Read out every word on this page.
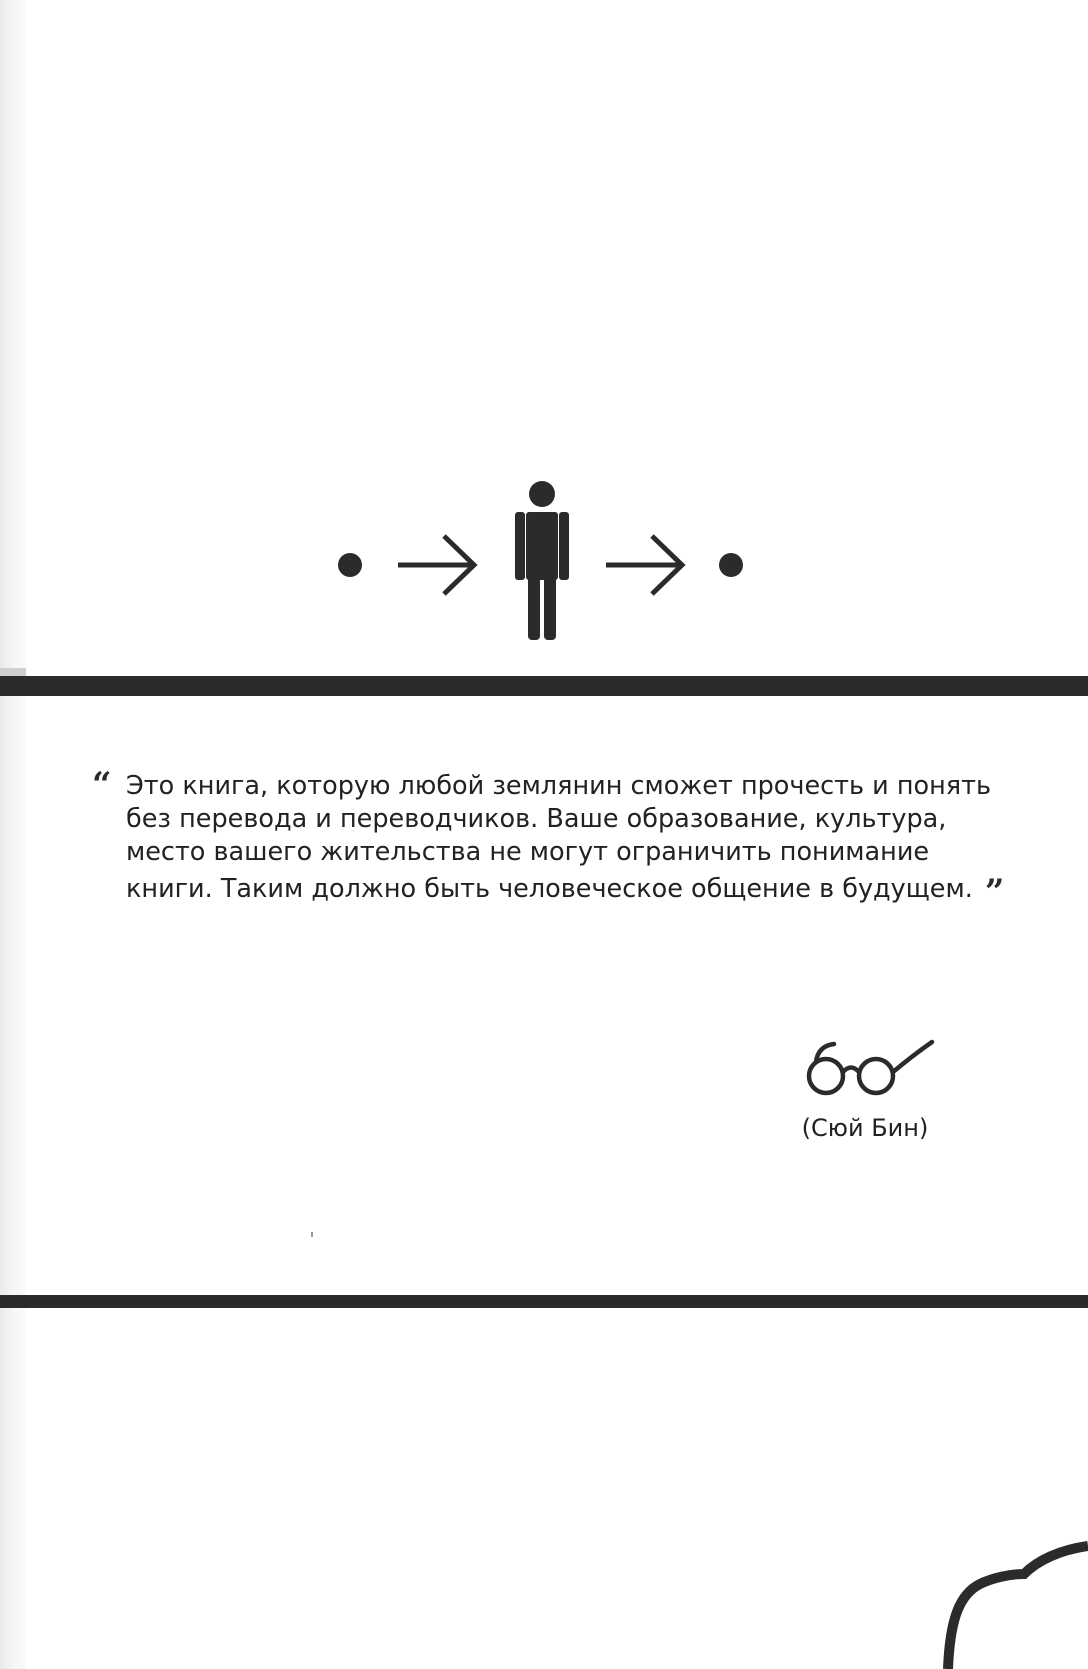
“ Это книга, которую любой землянин сможет прочесть и понять
без перевода и переводчиков. Ваше образование, культура,
место вашего жительства не могут ограничить понимание
книги. Таким должно быть человеческое общение в будущем. ”

(Сюй Бин)
